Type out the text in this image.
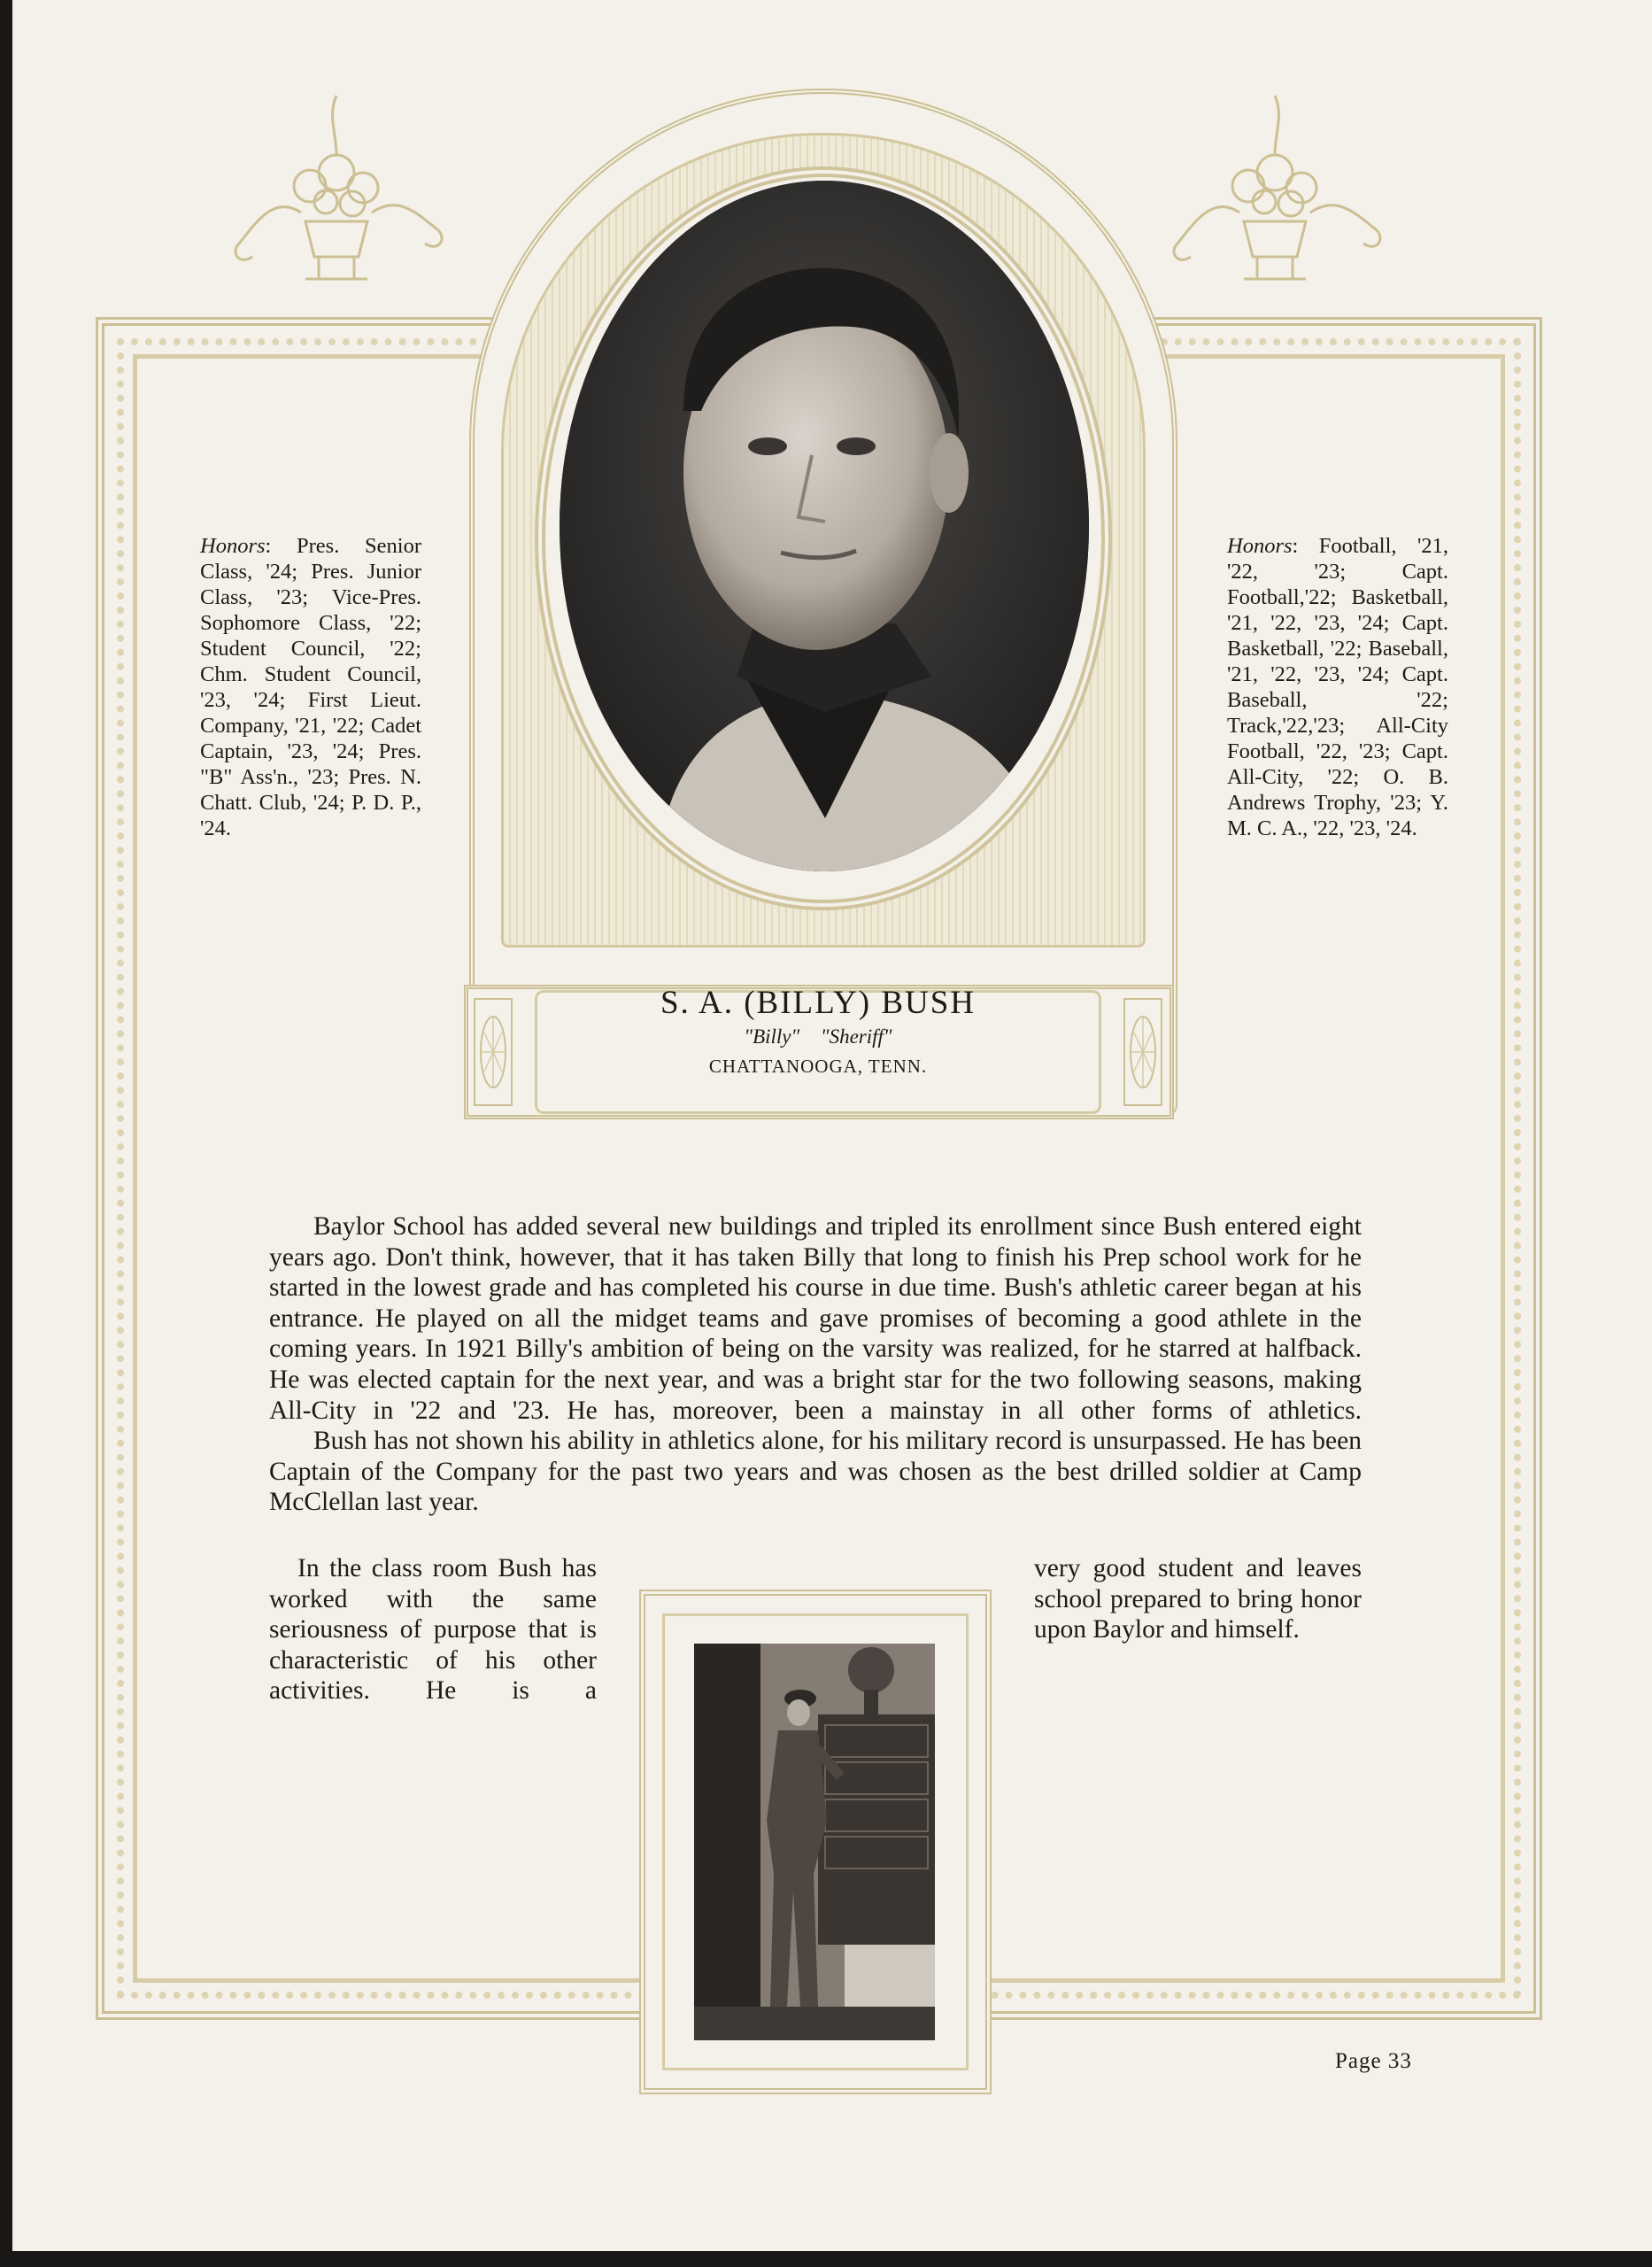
Honors: Pres. Senior Class, '24; Pres. Junior Class, '23; Vice-Pres. Sophomore Class, '22; Student Council, '22; Chm. Student Council, '23, '24; First Lieut. Company, '21, '22; Cadet Captain, '23, '24; Pres. "B" Ass'n., '23; Pres. N. Chatt. Club, '24; P. D. P., '24.

Honors: Football, '21, '22, '23; Capt. Football,'22; Basketball, '21, '22, '23, '24; Capt. Basketball, '22; Baseball, '21, '22, '23, '24; Capt. Baseball, '22; Track,'22,'23; All-City Football, '22, '23; Capt. All-City, '22; O. B. Andrews Trophy, '23; Y. M. C. A., '22, '23, '24.

S. A. (BILLY) BUSH

"Billy" "Sheriff"

CHATTANOOGA, TENN.

Baylor School has added several new buildings and tripled its enrollment since Bush entered eight years ago. Don't think, however, that it has taken Billy that long to finish his Prep school work for he started in the lowest grade and has completed his course in due time. Bush's athletic career began at his entrance. He played on all the midget teams and gave promises of becoming a good athlete in the coming years. In 1921 Billy's ambition of being on the varsity was realized, for he starred at halfback. He was elected captain for the next year, and was a bright star for the two following seasons, making All-City in '22 and '23. He has, moreover, been a mainstay in all other forms of athletics.

Bush has not shown his ability in athletics alone, for his military record is unsurpassed. He has been Captain of the Company for the past two years and was chosen as the best drilled soldier at Camp McClellan last year.

In the class room Bush has worked with the same seriousness of purpose that is characteristic of his other activities. He is a

very good student and leaves school prepared to bring honor upon Baylor and himself.

Page 33
